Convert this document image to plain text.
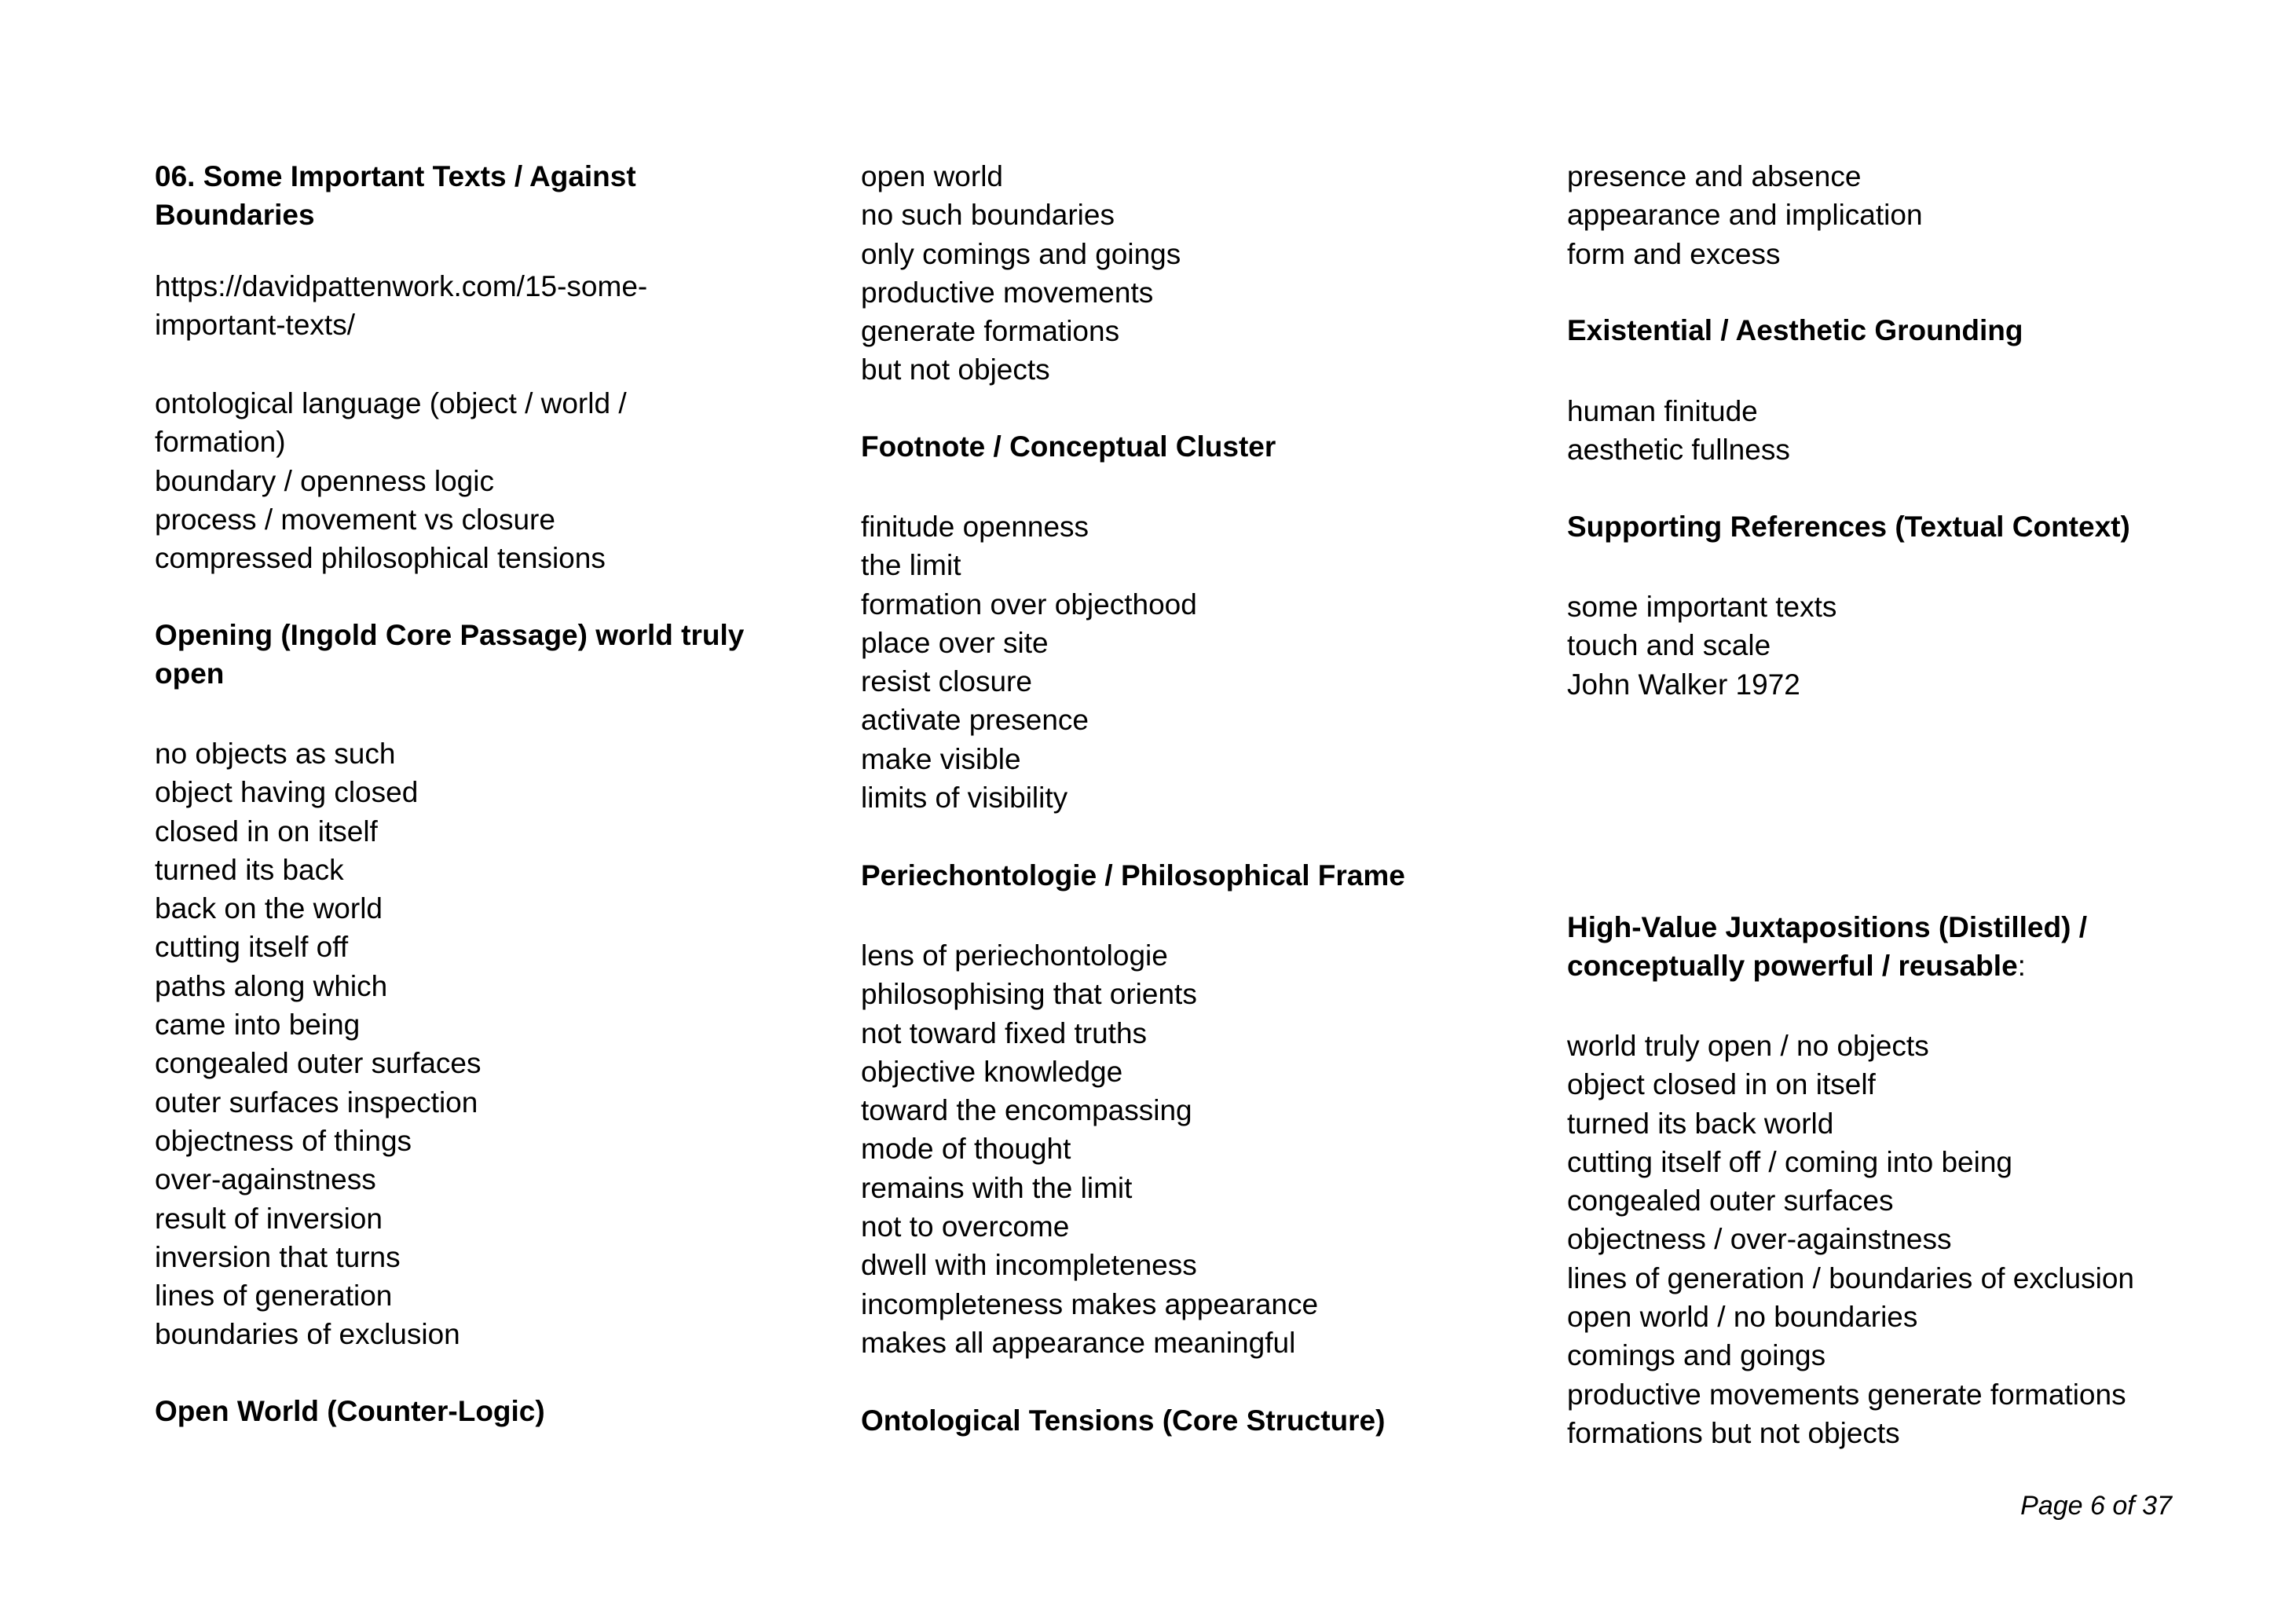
06. Some Important Texts / Against
Boundaries
https://davidpattenwork.com/15-some-
important-texts/
ontological language (object / world /
formation)
boundary / openness logic
process / movement vs closure
compressed philosophical tensions
Opening (Ingold Core Passage) world truly
open
no objects as such
object having closed
closed in on itself
turned its back
back on the world
cutting itself off
paths along which
came into being
congealed outer surfaces
outer surfaces inspection
objectness of things
over-againstness
result of inversion
inversion that turns
lines of generation
boundaries of exclusion
Open World (Counter-Logic)
open world
no such boundaries
only comings and goings
productive movements
generate formations
but not objects
Footnote / Conceptual Cluster
finitude openness
the limit
formation over objecthood
place over site
resist closure
activate presence
make visible
limits of visibility
Periechontologie / Philosophical Frame
lens of periechontologie
philosophising that orients
not toward fixed truths
objective knowledge
toward the encompassing
mode of thought
remains with the limit
not to overcome
dwell with incompleteness
incompleteness makes appearance
makes all appearance meaningful
Ontological Tensions (Core Structure)
presence and absence
appearance and implication
form and excess
Existential / Aesthetic Grounding
human finitude
aesthetic fullness
Supporting References (Textual Context)
some important texts
touch and scale
John Walker 1972
High-Value Juxtapositions (Distilled) /
conceptually powerful / reusable:
world truly open / no objects
object closed in on itself
turned its back world
cutting itself off / coming into being
congealed outer surfaces
objectness / over-againstness
lines of generation / boundaries of exclusion
open world / no boundaries
comings and goings
productive movements generate formations
formations but not objects
Page 6 of 37
